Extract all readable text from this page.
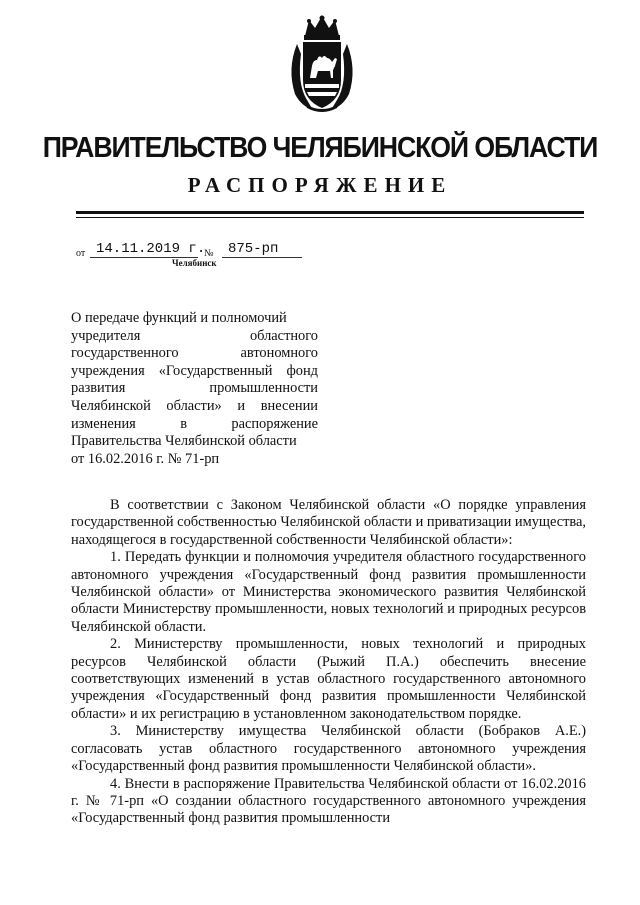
ПРАВИТЕЛЬСТВО ЧЕЛЯБИНСКОЙ ОБЛАСТИ
РАСПОРЯЖЕНИЕ
от 14.11.2019 г.
№ 875-рп
Челябинск
О передаче функций и полномочий
учредителя областного
государственного автономного
учреждения «Государственный фонд
развития промышленности
Челябинской области» и внесении
изменения в распоряжение
Правительства Челябинской области
от 16.02.2016 г. № 71-рп

В соответствии с Законом Челябинской области «О порядке управления государственной собственностью Челябинской области и приватизации имущества, находящегося в государственной собственности Челябинской области»:

1. Передать функции и полномочия учредителя областного государственного автономного учреждения «Государственный фонд развития промышленности Челябинской области» от Министерства экономического развития Челябинской области Министерству промышленности, новых технологий и природных ресурсов Челябинской области.

2. Министерству промышленности, новых технологий и природных ресурсов Челябинской области (Рыжий П.А.) обеспечить внесение соответствующих изменений в устав областного государственного автономного учреждения «Государственный фонд развития промышленности Челябинской области» и их регистрацию в установленном законодательством порядке.

3. Министерству имущества Челябинской области (Бобраков А.Е.) согласовать устав областного государственного автономного учреждения «Государственный фонд развития промышленности Челябинской области».

4. Внести в распоряжение Правительства Челябинской области от 16.02.2016 г. № 71-рп «О создании областного государственного автономного учреждения «Государственный фонд развития промышленности
